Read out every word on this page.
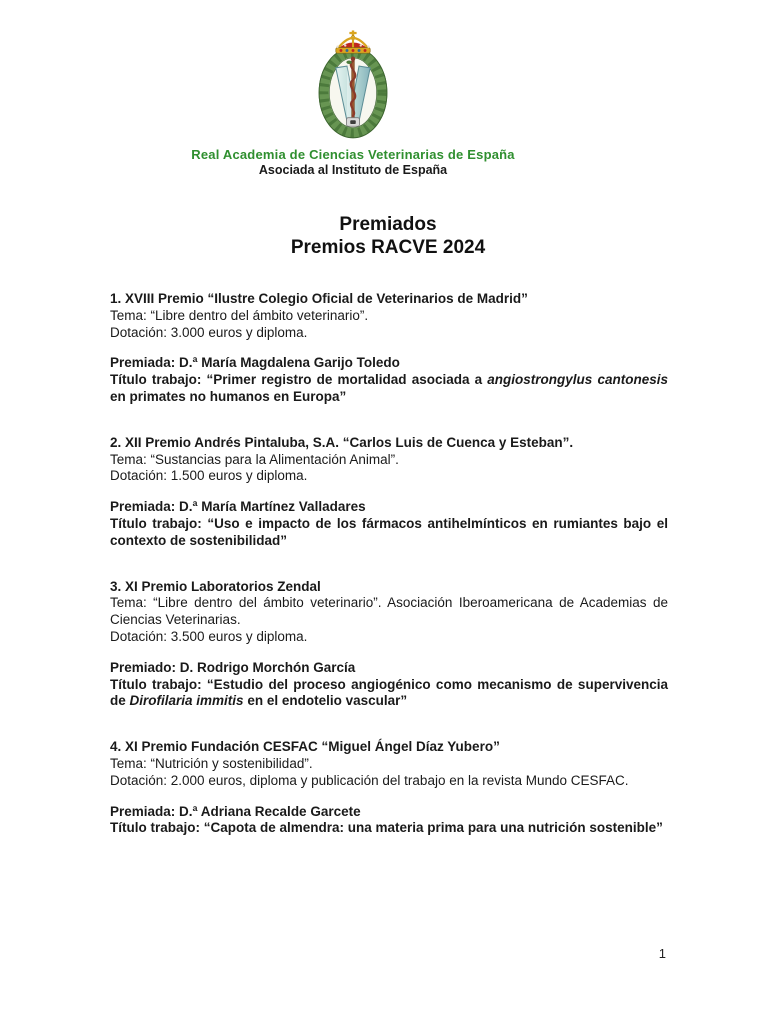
Real Academia de Ciencias Veterinarias de España
Asociada al Instituto de España
Premiados
Premios RACVE 2024

1. XVIII Premio “Ilustre Colegio Oficial de Veterinarios de Madrid”

Tema: “Libre dentro del ámbito veterinario”.

Dotación: 3.000 euros y diploma.

Premiada: D.ª María Magdalena Garijo Toledo

Título trabajo: “Primer registro de mortalidad asociada a angiostrongylus cantonesis en primates no humanos en Europa”

2. XII Premio Andrés Pintaluba, S.A. “Carlos Luis de Cuenca y Esteban”.

Tema: “Sustancias para la Alimentación Animal”.

Dotación: 1.500 euros y diploma.

Premiada: D.ª María Martínez Valladares

Título trabajo: “Uso e impacto de los fármacos antihelmínticos en rumiantes bajo el contexto de sostenibilidad”

3. XI Premio Laboratorios Zendal

Tema: “Libre dentro del ámbito veterinario”. Asociación Iberoamericana de Academias de Ciencias Veterinarias.

Dotación: 3.500 euros y diploma.

Premiado: D. Rodrigo Morchón García

Título trabajo: “Estudio del proceso angiogénico como mecanismo de supervivencia de Dirofilaria immitis en el endotelio vascular”

4. XI Premio Fundación CESFAC “Miguel Ángel Díaz Yubero”

Tema: “Nutrición y sostenibilidad”.

Dotación: 2.000 euros, diploma y publicación del trabajo en la revista Mundo CESFAC.

Premiada: D.ª Adriana Recalde Garcete

Título trabajo: “Capota de almendra: una materia prima para una nutrición sostenible”

1
